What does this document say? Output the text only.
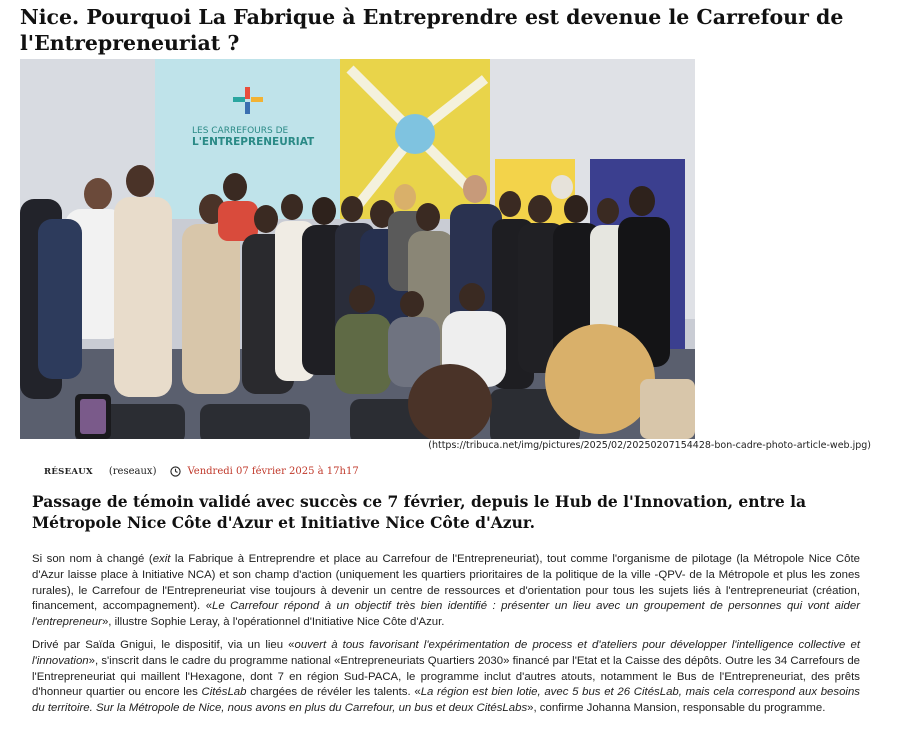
Nice. Pourquoi La Fabrique à Entreprendre est devenue le Carrefour de l'Entrepreneuriat ?
LES CARREFOURS DE
L'ENTREPRENEURIAT
(https://tribuca.net/img/pictures/2025/02/20250207154428-bon-cadre-photo-article-web.jpg)
RÉSEAUX (reseaux)	Vendredi 07 février 2025 à 17h17
Passage de témoin validé avec succès ce 7 février, depuis le Hub de l'Innovation, entre la Métropole Nice Côte d'Azur et Initiative Nice Côte d'Azur.

Si son nom à changé (exit la Fabrique à Entreprendre et place au Carrefour de l'Entrepreneuriat), tout comme l'organisme de pilotage (la Métropole Nice Côte d'Azur laisse place à Initiative NCA) et son champ d'action (uniquement les quartiers prioritaires de la politique de la ville -QPV- de la Métropole et plus les zones rurales), le Carrefour de l'Entrepreneuriat vise toujours à devenir un centre de ressources et d'orientation pour tous les sujets liés à l'entrepreneuriat (création, financement, accompagnement). «Le Carrefour répond à un objectif très bien identifié : présenter un lieu avec un groupement de personnes qui vont aider l'entrepreneur», illustre Sophie Leray, à l'opérationnel d'Initiative Nice Côte d'Azur.

Drivé par Saïda Gnigui, le dispositif, via un lieu «ouvert à tous favorisant l'expérimentation de process et d'ateliers pour développer l'intelligence collective et l'innovation», s'inscrit dans le cadre du programme national «Entrepreneuriats Quartiers 2030» financé par l'Etat et la Caisse des dépôts. Outre les 34 Carrefours de l'Entrepreneuriat qui maillent l'Hexagone, dont 7 en région Sud-PACA, le programme inclut d'autres atouts, notamment le Bus de l'Entrepreneuriat, des prêts d'honneur quartier ou encore les CitésLab chargées de révéler les talents. «La région est bien lotie, avec 5 bus et 26 CitésLab, mais cela correspond aux besoins du territoire. Sur la Métropole de Nice, nous avons en plus du Carrefour, un bus et deux CitésLabs», confirme Johanna Mansion, responsable du programme.
